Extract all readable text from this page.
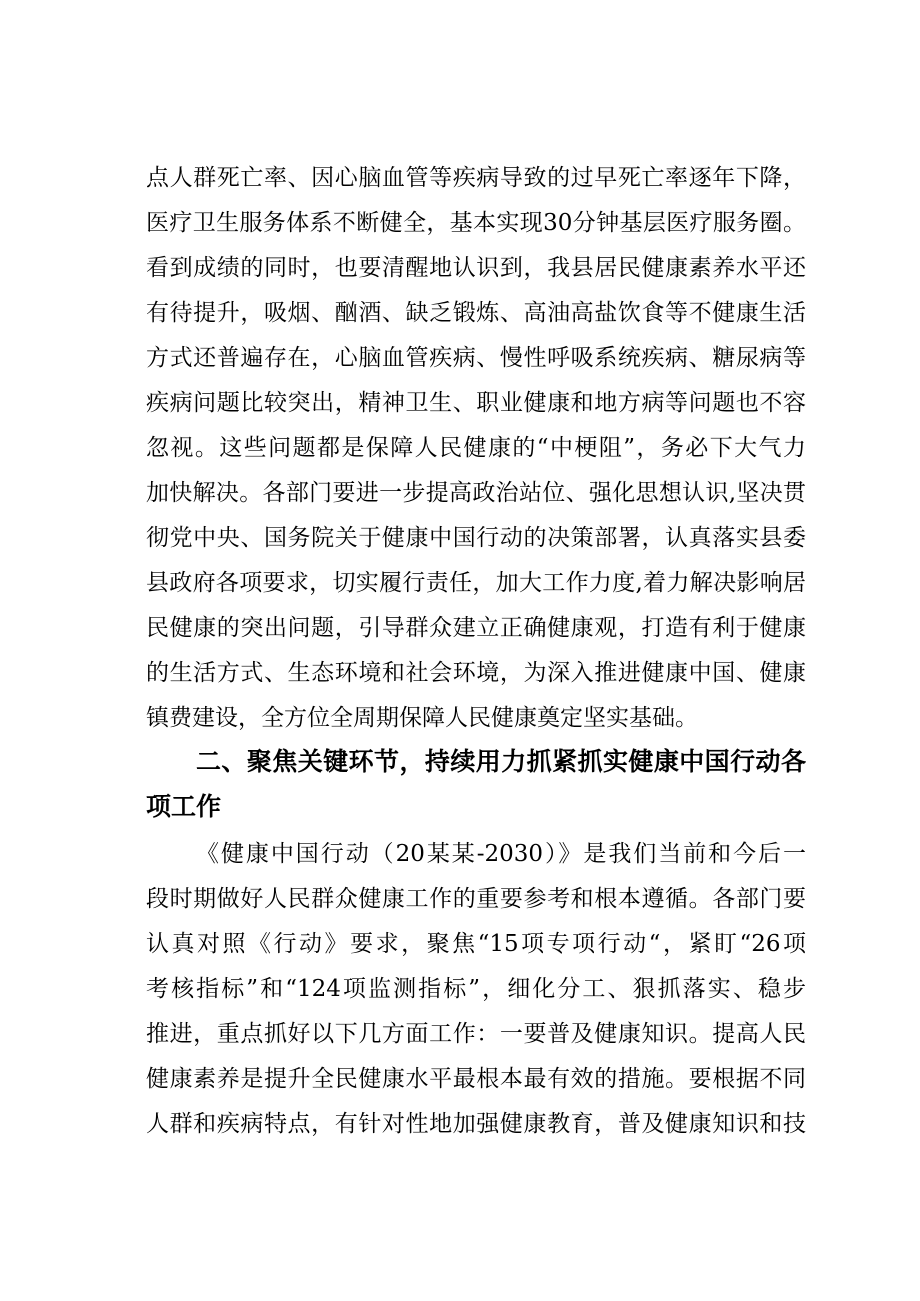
点人群死亡率、因心脑血管等疾病导致的过早死亡率逐年下降，
医疗卫生服务体系不断健全，基本实现30分钟基层医疗服务圈。
看到成绩的同时，也要清醒地认识到，我县居民健康素养水平还
有待提升，吸烟、酗酒、缺乏锻炼、高油高盐饮食等不健康生活
方式还普遍存在，心脑血管疾病、慢性呼吸系统疾病、糖尿病等
疾病问题比较突出，精神卫生、职业健康和地方病等问题也不容
忽视。这些问题都是保障人民健康的“中梗阻”，务必下大气力
加快解决。各部门要进一步提高政治站位、强化思想认识,坚决贯
彻党中央、国务院关于健康中国行动的决策部署，认真落实县委
县政府各项要求，切实履行责任，加大工作力度,着力解决影响居
民健康的突出问题，引导群众建立正确健康观，打造有利于健康
的生活方式、生态环境和社会环境，为深入推进健康中国、健康
镇费建设，全方位全周期保障人民健康奠定坚实基础。
二、聚焦关键环节，持续用力抓紧抓实健康中国行动各
项工作
《健康中国行动（20某某-2030）》是我们当前和今后一
段时期做好人民群众健康工作的重要参考和根本遵循。各部门要
认真对照《行动》要求，聚焦“15项专项行动“，紧盯“26项
考核指标”和“124项监测指标”，细化分工、狠抓落实、稳步
推进，重点抓好以下几方面工作：一要普及健康知识。提高人民
健康素养是提升全民健康水平最根本最有效的措施。要根据不同
人群和疾病特点，有针对性地加强健康教育，普及健康知识和技
